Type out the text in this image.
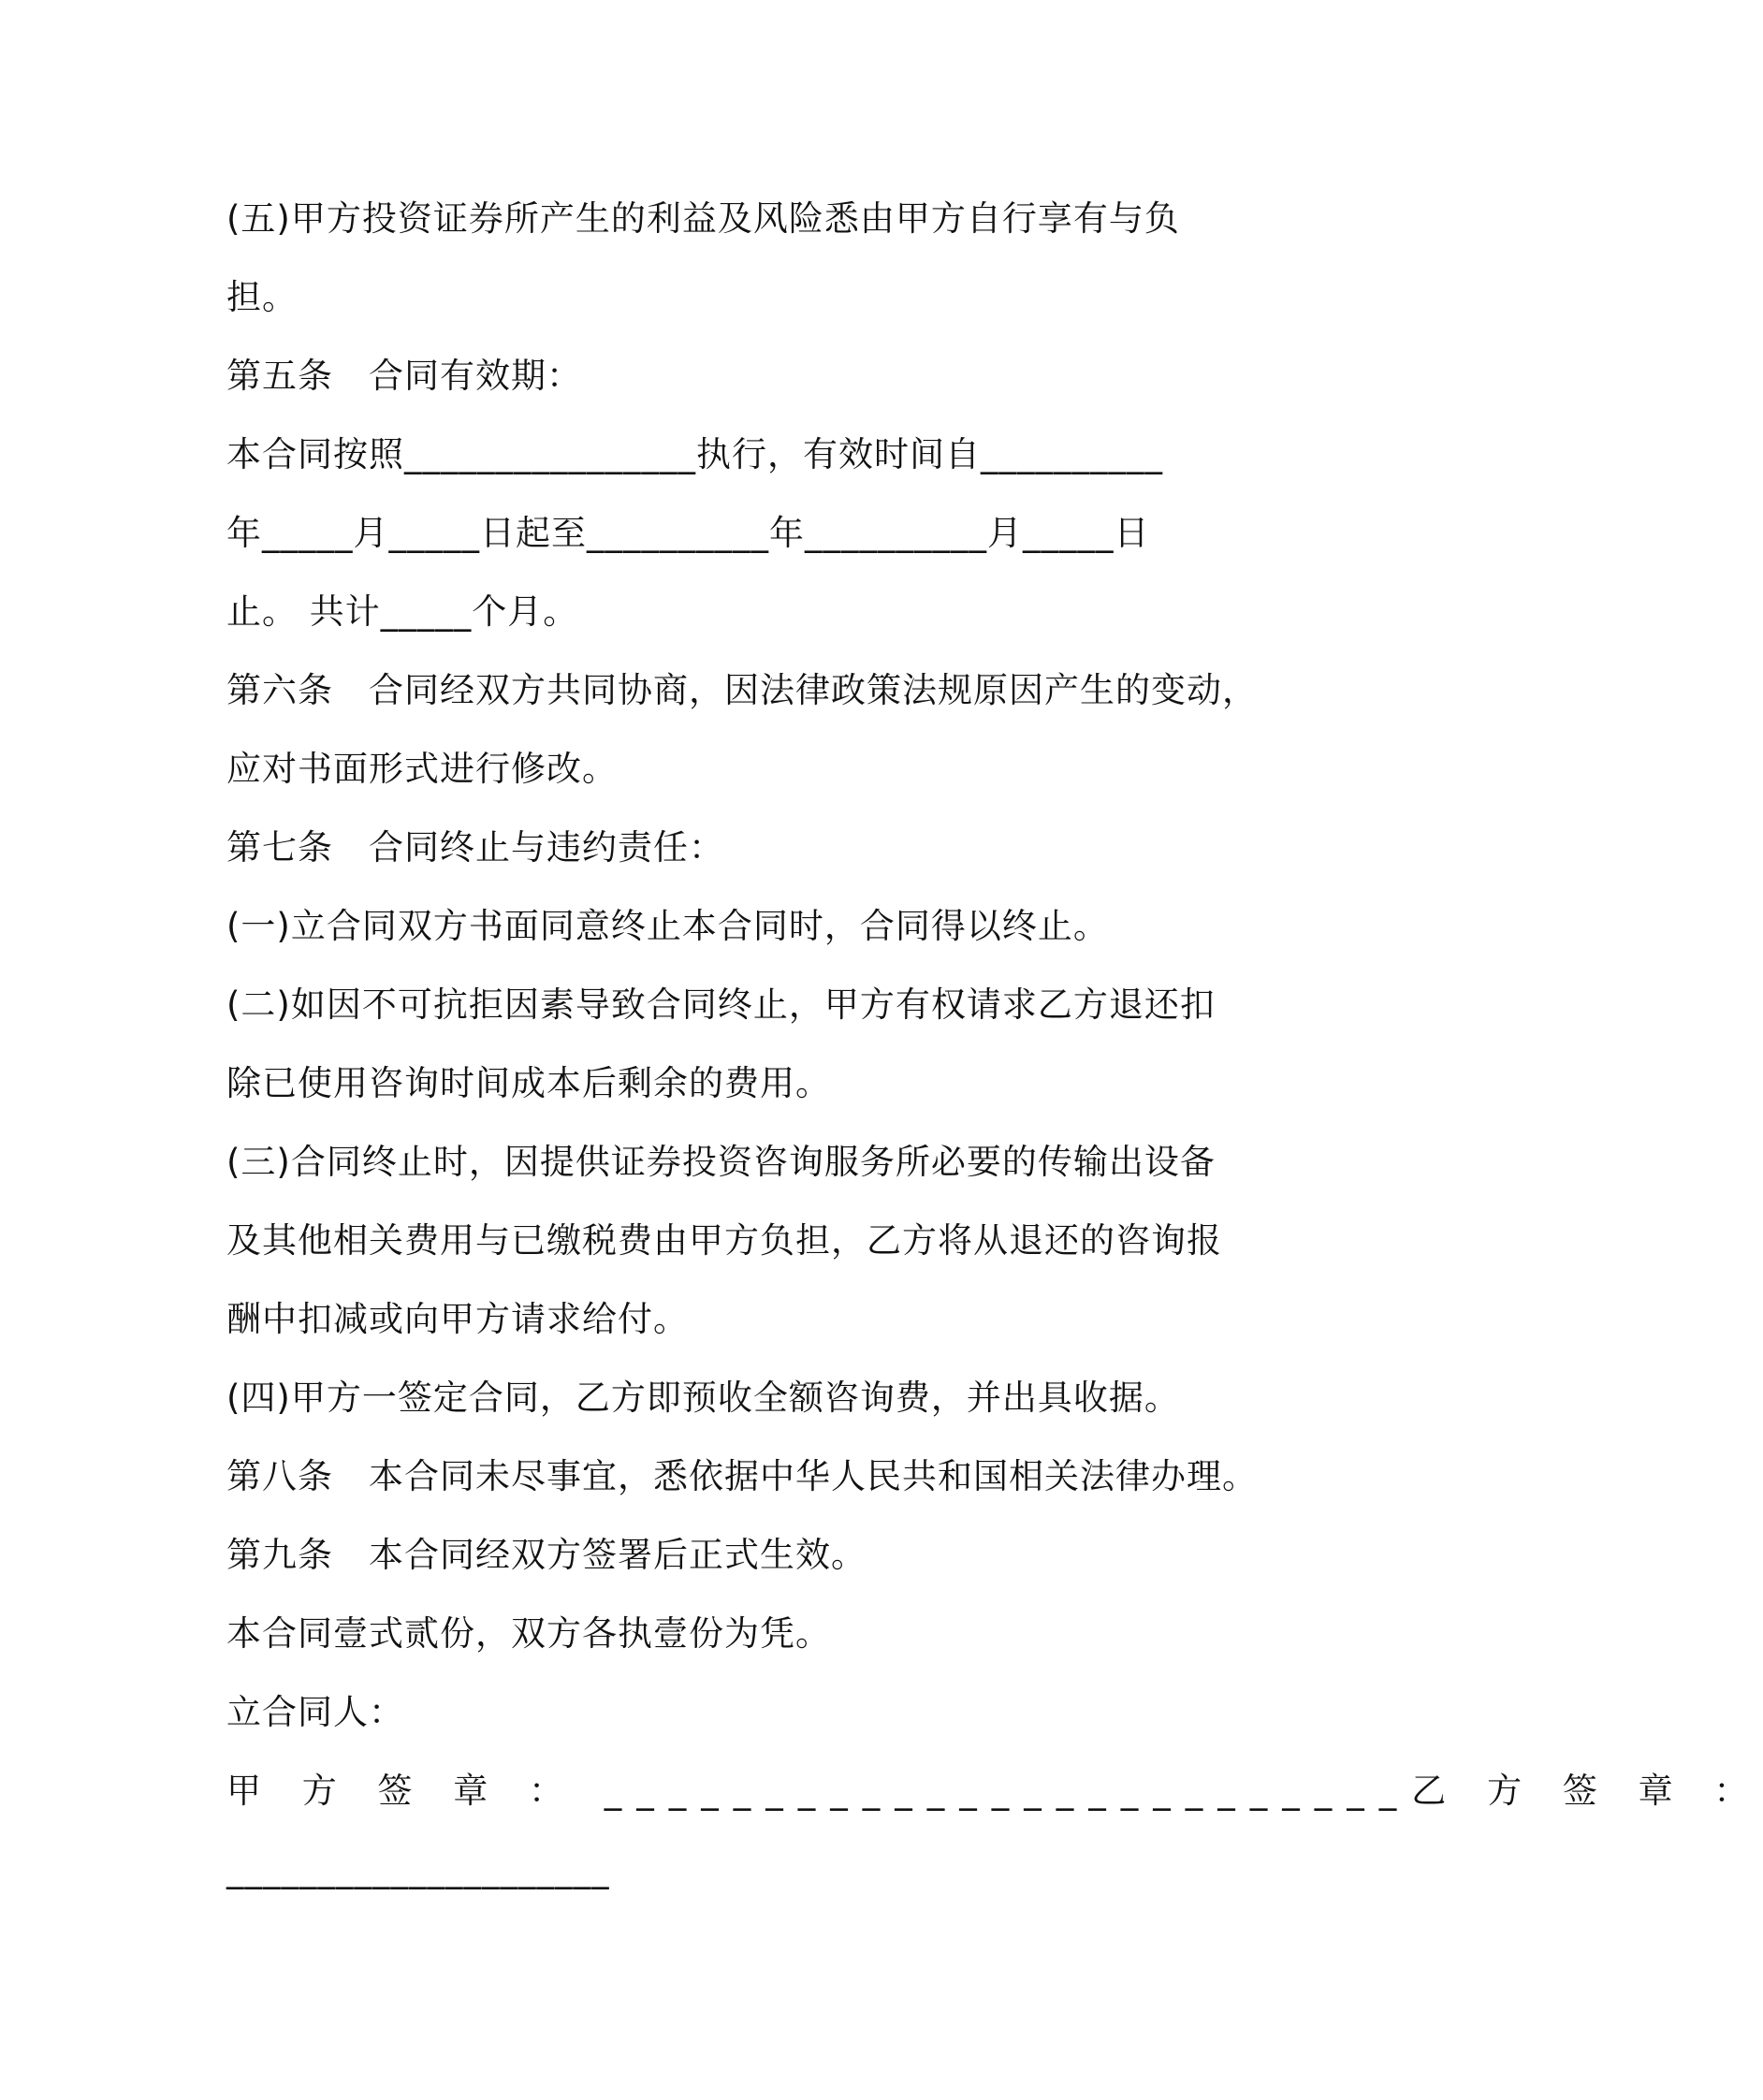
(五)甲方投资证券所产生的利益及风险悉由甲方自行享有与负
担。
第五条　合同有效期：
本合同按照________________执行，有效时间自__________
年_____月_____日起至__________年__________月_____日
止。 共计_____个月。
第六条　合同经双方共同协商，因法律政策法规原因产生的变动，
应对书面形式进行修改。
第七条　合同终止与违约责任：
(一)立合同双方书面同意终止本合同时，合同得以终止。
(二)如因不可抗拒因素导致合同终止，甲方有权请求乙方退还扣
除已使用咨询时间成本后剩余的费用。
(三)合同终止时，因提供证券投资咨询服务所必要的传输出设备
及其他相关费用与已缴税费由甲方负担，乙方将从退还的咨询报
酬中扣减或向甲方请求给付。
(四)甲方一签定合同，乙方即预收全额咨询费，并出具收据。
第八条　本合同未尽事宜，悉依据中华人民共和国相关法律办理。
第九条　本合同经双方签署后正式生效。
本合同壹式贰份，双方各执壹份为凭。
立合同人：
甲 方 签 章 ： _________________________乙 方 签 章 ：
_____________________
